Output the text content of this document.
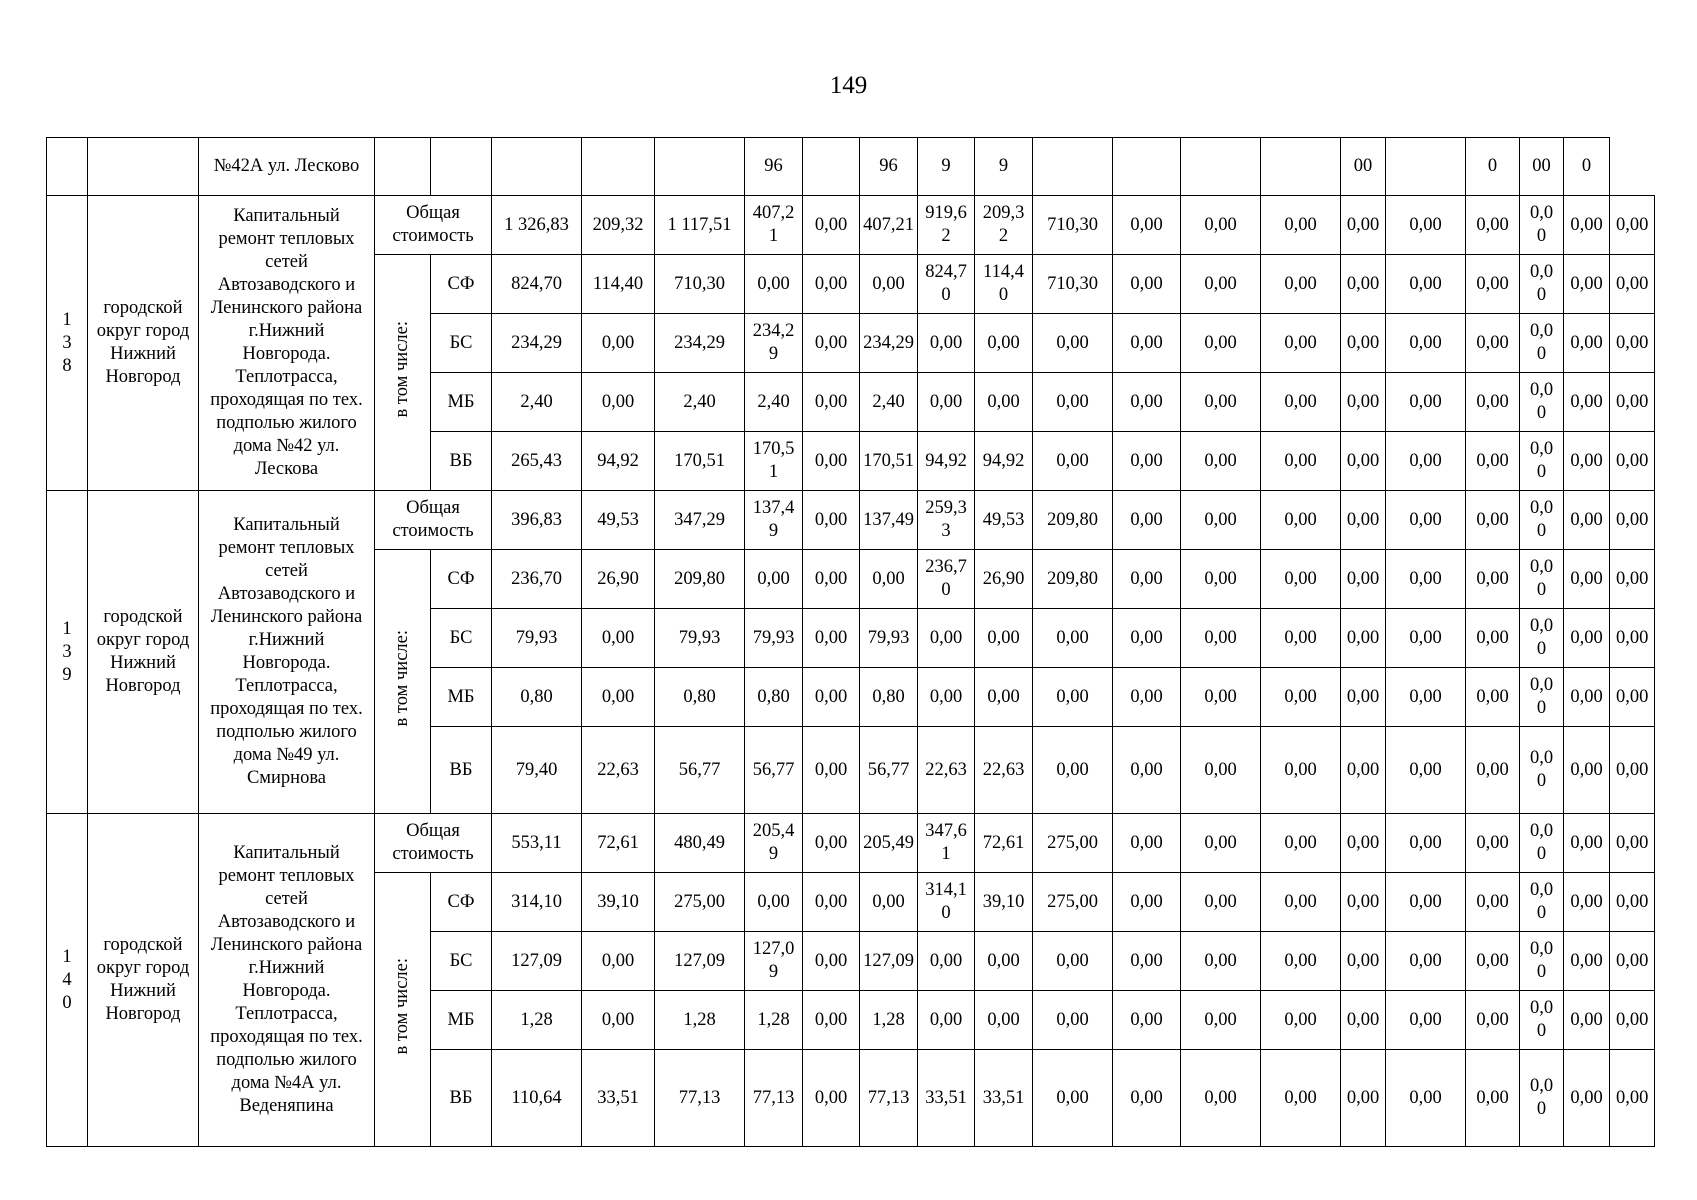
149
		№42А ул. Лесково						96		96	9	9					00		0	00	0	
1 3 8	городской округ город Нижний Новгород	Капитальный ремонт тепловых сетей Автозаводского и Ленинского района г.Нижний Новгорода. Теплотрасса, проходящая по тех. подполью жилого дома №42 ул. Лескова	Общая стоимость		1 326,83	209,32	1 117,51	407,21	0,00	407,21	919,62	209,32	710,30	0,00	0,00	0,00	0,00	0,00	0,00	0,00	0,00	0,00
			в том числе:	СФ	824,70	114,40	710,30	0,00	0,00	0,00	824,70	114,40	710,30	0,00	0,00	0,00	0,00	0,00	0,00	0,00	0,00	0,00
				БС	234,29	0,00	234,29	234,29	0,00	234,29	0,00	0,00	0,00	0,00	0,00	0,00	0,00	0,00	0,00	0,00	0,00	0,00
				МБ	2,40	0,00	2,40	2,40	0,00	2,40	0,00	0,00	0,00	0,00	0,00	0,00	0,00	0,00	0,00	0,00	0,00	0,00
				ВБ	265,43	94,92	170,51	170,51	0,00	170,51	94,92	94,92	0,00	0,00	0,00	0,00	0,00	0,00	0,00	0,00	0,00	0,00
1 3 9	городской округ город Нижний Новгород	Капитальный ремонт тепловых сетей Автозаводского и Ленинского района г.Нижний Новгорода. Теплотрасса, проходящая по тех. подполью жилого дома №49 ул. Смирнова	Общая стоимость		396,83	49,53	347,29	137,49	0,00	137,49	259,33	49,53	209,80	0,00	0,00	0,00	0,00	0,00	0,00	0,00	0,00	0,00
			в том числе:	СФ	236,70	26,90	209,80	0,00	0,00	0,00	236,70	26,90	209,80	0,00	0,00	0,00	0,00	0,00	0,00	0,00	0,00	0,00
				БС	79,93	0,00	79,93	79,93	0,00	79,93	0,00	0,00	0,00	0,00	0,00	0,00	0,00	0,00	0,00	0,00	0,00	0,00
				МБ	0,80	0,00	0,80	0,80	0,00	0,80	0,00	0,00	0,00	0,00	0,00	0,00	0,00	0,00	0,00	0,00	0,00	0,00
				ВБ	79,40	22,63	56,77	56,77	0,00	56,77	22,63	22,63	0,00	0,00	0,00	0,00	0,00	0,00	0,00	0,00	0,00	0,00
1 4 0	городской округ город Нижний Новгород	Капитальный ремонт тепловых сетей Автозаводского и Ленинского района г.Нижний Новгорода. Теплотрасса, проходящая по тех. подполью жилого дома №4А ул. Веденяпина	Общая стоимость		553,11	72,61	480,49	205,49	0,00	205,49	347,61	72,61	275,00	0,00	0,00	0,00	0,00	0,00	0,00	0,00	0,00	0,00
			в том числе:	СФ	314,10	39,10	275,00	0,00	0,00	0,00	314,10	39,10	275,00	0,00	0,00	0,00	0,00	0,00	0,00	0,00	0,00	0,00
				БС	127,09	0,00	127,09	127,09	0,00	127,09	0,00	0,00	0,00	0,00	0,00	0,00	0,00	0,00	0,00	0,00	0,00	0,00
				МБ	1,28	0,00	1,28	1,28	0,00	1,28	0,00	0,00	0,00	0,00	0,00	0,00	0,00	0,00	0,00	0,00	0,00	0,00
				ВБ	110,64	33,51	77,13	77,13	0,00	77,13	33,51	33,51	0,00	0,00	0,00	0,00	0,00	0,00	0,00	0,00	0,00	0,00
